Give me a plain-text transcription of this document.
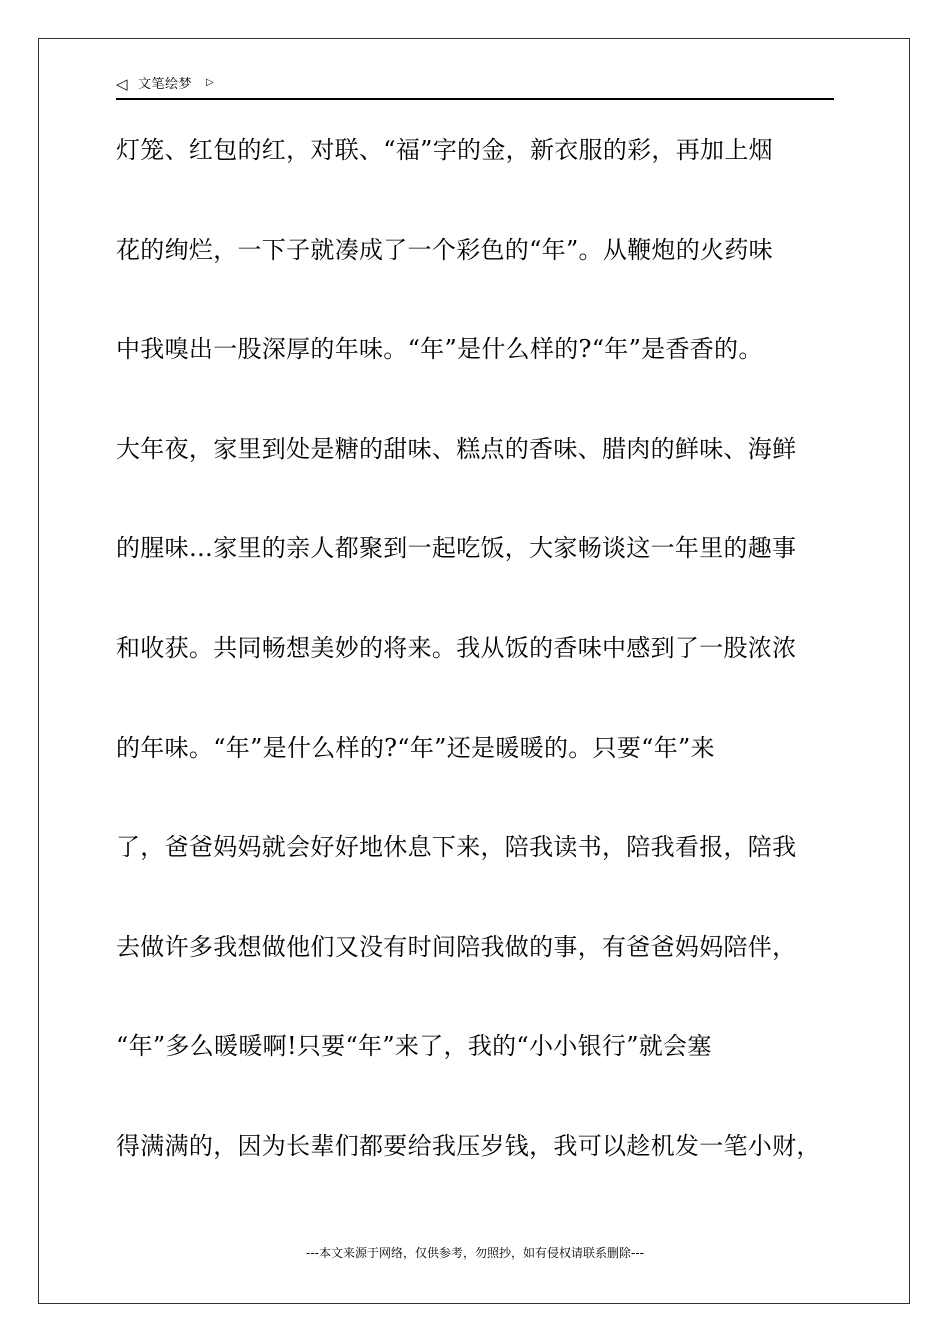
◁ 文笔绘梦 ▷
灯笼、红包的红，对联、“福”字的金，新衣服的彩，再加上烟
花的绚烂，一下子就凑成了一个彩色的“年”。从鞭炮的火药味
中我嗅出一股深厚的年味。“年”是什么样的?“年”是香香的。
大年夜，家里到处是糖的甜味、糕点的香味、腊肉的鲜味、海鲜
的腥味…家里的亲人都聚到一起吃饭，大家畅谈这一年里的趣事
和收获。共同畅想美妙的将来。我从饭的香味中感到了一股浓浓
的年味。“年”是什么样的?“年”还是暖暖的。只要“年”来
了，爸爸妈妈就会好好地休息下来，陪我读书，陪我看报，陪我
去做许多我想做他们又没有时间陪我做的事，有爸爸妈妈陪伴，
“年”多么暖暖啊!只要“年”来了，我的“小小银行”就会塞
得满满的，因为长辈们都要给我压岁钱，我可以趁机发一笔小财，
---本文来源于网络，仅供参考，勿照抄，如有侵权请联系删除---
